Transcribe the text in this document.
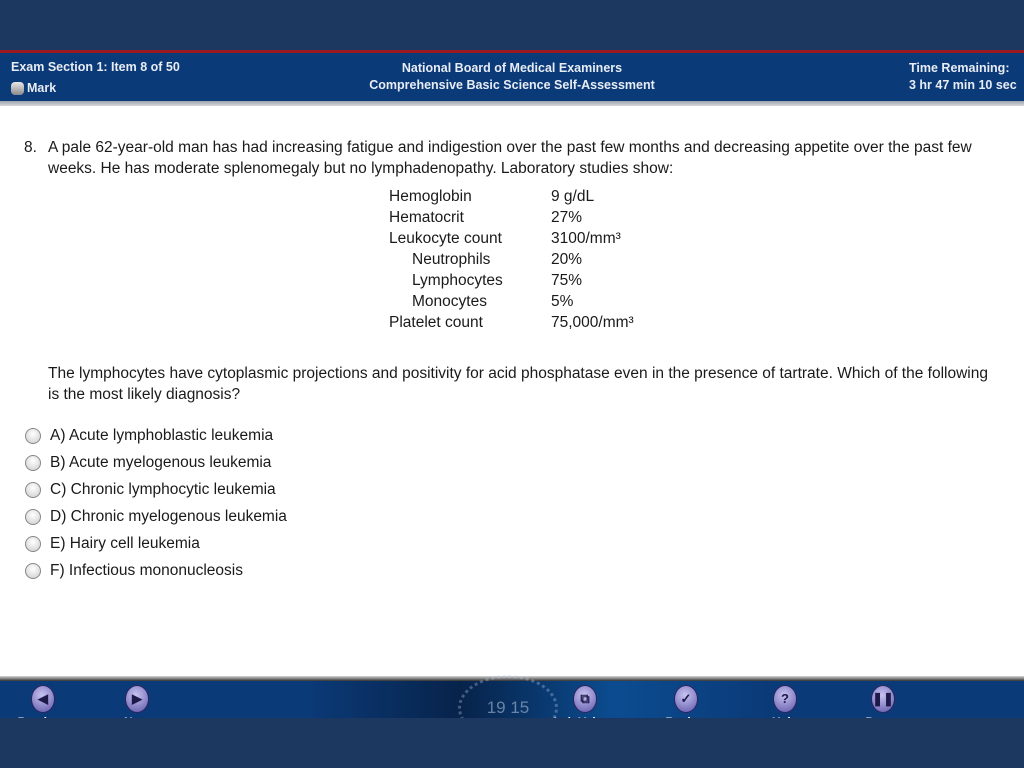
Exam Section 1: Item 8 of 50
Mark
National Board of Medical Examiners
Comprehensive Basic Science Self-Assessment
Time Remaining:
3 hr 47 min 10 sec
8. A pale 62-year-old man has had increasing fatigue and indigestion over the past few months and decreasing appetite over the past few weeks. He has moderate splenomegaly but no lymphadenopathy. Laboratory studies show:
Hemoglobin	9 g/dL
Hematocrit	27%
Leukocyte count	3100/mm³
Neutrophils	20%
Lymphocytes	75%
Monocytes	5%
Platelet count	75,000/mm³
The lymphocytes have cytoplasmic projections and positivity for acid phosphatase even in the presence of tartrate. Which of the following is the most likely diagnosis?
A) Acute lymphoblastic leukemia
B) Acute myelogenous leukemia
C) Chronic lymphocytic leukemia
D) Chronic myelogenous leukemia
E) Hairy cell leukemia
F) Infectious mononucleosis
19 15
◀	▶	⧉	✓	?	❚❚
